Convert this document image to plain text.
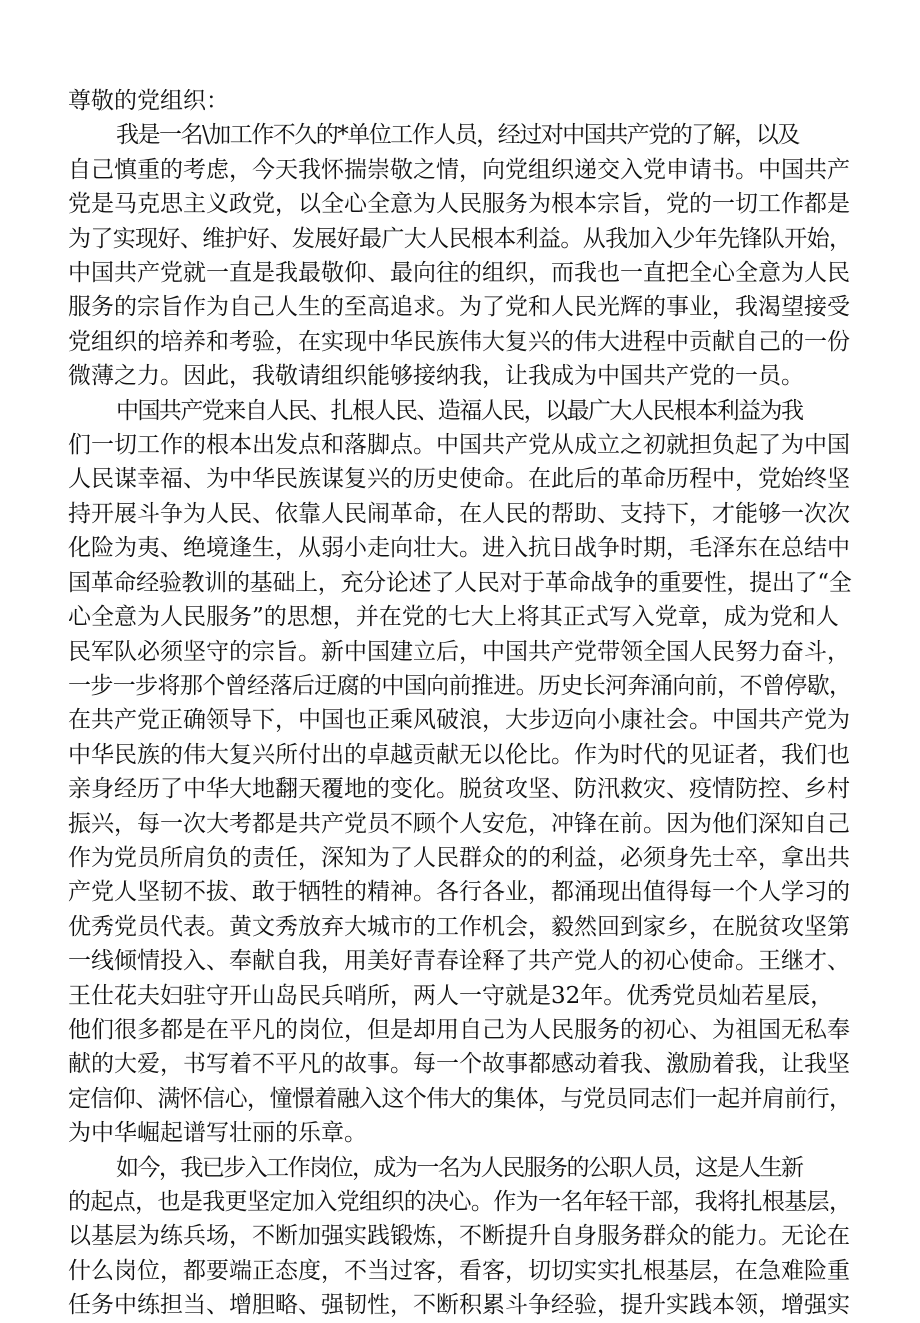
尊敬的党组织：

我是一名\加工作不久的*单位工作人员，经过对中国共产党的了解，以及
自己慎重的考虑，今天我怀揣崇敬之情，向党组织递交入党申请书。中国共产
党是马克思主义政党，以全心全意为人民服务为根本宗旨，党的一切工作都是
为了实现好、维护好、发展好最广大人民根本利益。从我加入少年先锋队开始，
中国共产党就一直是我最敬仰、最向往的组织，而我也一直把全心全意为人民
服务的宗旨作为自己人生的至高追求。为了党和人民光辉的事业，我渴望接受
党组织的培养和考验，在实现中华民族伟大复兴的伟大进程中贡献自己的一份
微薄之力。因此，我敬请组织能够接纳我，让我成为中国共产党的一员。

中国共产党来自人民、扎根人民、造福人民，以最广大人民根本利益为我
们一切工作的根本出发点和落脚点。中国共产党从成立之初就担负起了为中国
人民谋幸福、为中华民族谋复兴的历史使命。在此后的革命历程中，党始终坚
持开展斗争为人民、依靠人民闹革命，在人民的帮助、支持下，才能够一次次
化险为夷、绝境逢生，从弱小走向壮大。进入抗日战争时期，毛泽东在总结中
国革命经验教训的基础上，充分论述了人民对于革命战争的重要性，提出了“全
心全意为人民服务”的思想，并在党的七大上将其正式写入党章，成为党和人
民军队必须坚守的宗旨。新中国建立后，中国共产党带领全国人民努力奋斗，
一步一步将那个曾经落后迂腐的中国向前推进。历史长河奔涌向前，不曾停歇，
在共产党正确领导下，中国也正乘风破浪，大步迈向小康社会。中国共产党为
中华民族的伟大复兴所付出的卓越贡献无以伦比。作为时代的见证者，我们也
亲身经历了中华大地翻天覆地的变化。脱贫攻坚、防汛救灾、疫情防控、乡村
振兴，每一次大考都是共产党员不顾个人安危，冲锋在前。因为他们深知自己
作为党员所肩负的责任，深知为了人民群众的的利益，必须身先士卒，拿出共
产党人坚韧不拔、敢于牺牲的精神。各行各业，都涌现出值得每一个人学习的
优秀党员代表。黄文秀放弃大城市的工作机会，毅然回到家乡，在脱贫攻坚第
一线倾情投入、奉献自我，用美好青春诠释了共产党人的初心使命。王继才、
王仕花夫妇驻守开山岛民兵哨所，两人一守就是32年。优秀党员灿若星辰，
他们很多都是在平凡的岗位，但是却用自己为人民服务的初心、为祖国无私奉
献的大爱，书写着不平凡的故事。每一个故事都感动着我、激励着我，让我坚
定信仰、满怀信心，憧憬着融入这个伟大的集体，与党员同志们一起并肩前行，
为中华崛起谱写壮丽的乐章。

如今，我已步入工作岗位，成为一名为人民服务的公职人员，这是人生新
的起点，也是我更坚定加入党组织的决心。作为一名年轻干部，我将扎根基层，
以基层为练兵场，不断加强实践锻炼，不断提升自身服务群众的能力。无论在
什么岗位，都要端正态度，不当过客，看客，切切实实扎根基层，在急难险重
任务中练担当、增胆略、强韧性，不断积累斗争经验，提升实践本领，增强实
